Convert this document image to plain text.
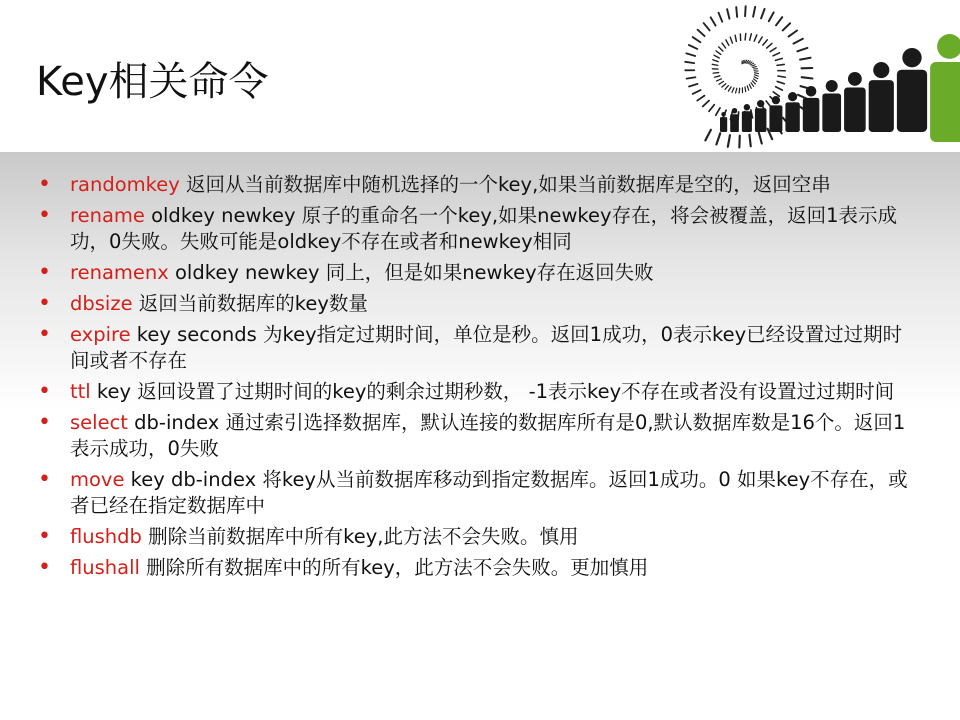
Key相关命令
• randomkey 返回从当前数据库中随机选择的一个key,如果当前数据库是空的，返回空串
• rename oldkey newkey 原子的重命名一个key,如果newkey存在，将会被覆盖，返回1表示成功，0失败。失败可能是oldkey不存在或者和newkey相同
• renamenx oldkey newkey 同上，但是如果newkey存在返回失败
• dbsize 返回当前数据库的key数量
• expire key seconds 为key指定过期时间，单位是秒。返回1成功，0表示key已经设置过过期时间或者不存在
• ttl key 返回设置了过期时间的key的剩余过期秒数， -1表示key不存在或者没有设置过过期时间
• select db-index 通过索引选择数据库，默认连接的数据库所有是0,默认数据库数是16个。返回1表示成功，0失败
• move key db-index 将key从当前数据库移动到指定数据库。返回1成功。0 如果key不存在，或者已经在指定数据库中
• flushdb 删除当前数据库中所有key,此方法不会失败。慎用
• flushall 删除所有数据库中的所有key，此方法不会失败。更加慎用
